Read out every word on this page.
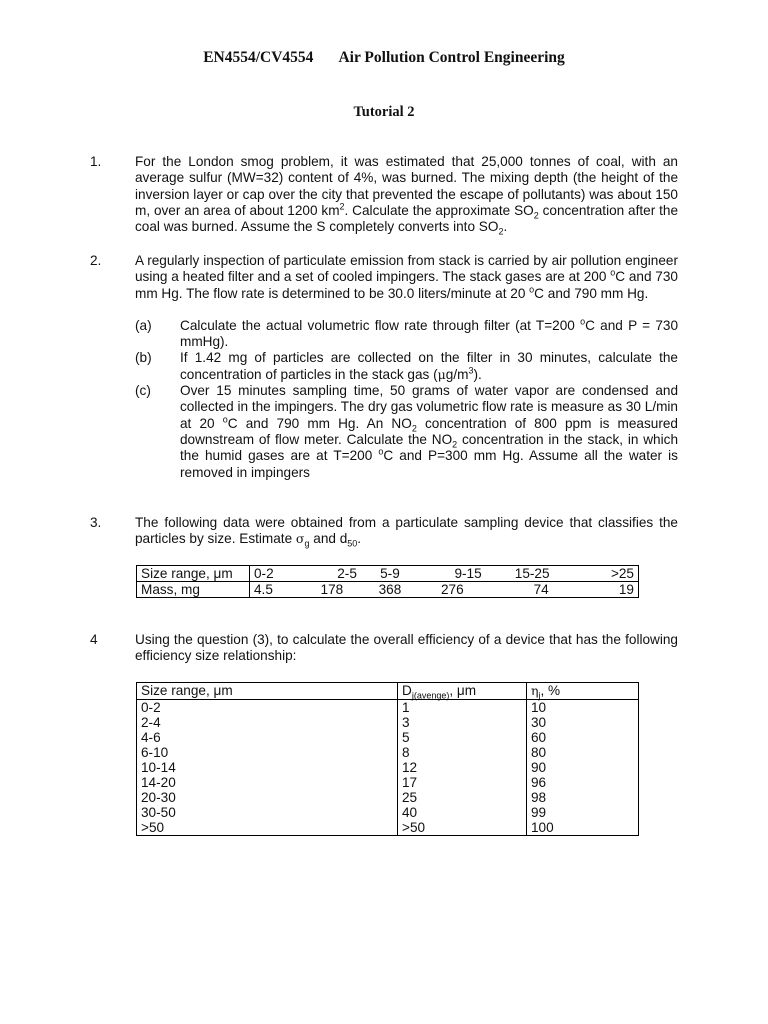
EN4554/CV4554 Air Pollution Control Engineering
Tutorial 2
1. For the London smog problem, it was estimated that 25,000 tonnes of coal, with an average sulfur (MW=32) content of 4%, was burned. The mixing depth (the height of the inversion layer or cap over the city that prevented the escape of pollutants) was about 150 m, over an area of about 1200 $km^2$. Calculate the approximate $SO_2$ concentration after the coal was burned. Assume the S completely converts into $SO_2$.
2. A regularly inspection of particulate emission from stack is carried by air pollution engineer using a heated filter and a set of cooled impingers. The stack gases are at 200 $^o$C and 730 mm Hg. The flow rate is determined to be 30.0 liters/minute at 20 $^o$C and 790 mm Hg.
(a) Calculate the actual volumetric flow rate through filter (at T=200 $^o$C and P = 730 mmHg).
(b) If 1.42 mg of particles are collected on the filter in 30 minutes, calculate the concentration of particles in the stack gas $(\mu g/m^3)$.
(c) Over 15 minutes sampling time, 50 grams of water vapor are condensed and collected in the impingers. The dry gas volumetric flow rate is measure as 30 L/min at 20 $^o$C and 790 mm Hg. An $NO_2$ concentration of 800 ppm is measured downstream of flow meter. Calculate the $NO_2$ concentration in the stack, in which the humid gases are at T=200 $^o$C and P=300 mm Hg. Assume all the water is removed in impingers
3. The following data were obtained from a particulate sampling device that classifies the particles by size. Estimate $\sigma_g$ and $d_{50}$.
Size range, μm	0-2	2-5	5-9	9-15	15-25	>25
Mass, mg	4.5	178	368	276	74	19
4	Using the question (3), to calculate the overall efficiency of a device that has the following efficiency size relationship:
Size range, μm	$D_{j(avenge)}$, μm	$\eta_j$, %
0-2	1	10
2-4	3	30
4-6	5	60
6-10	8	80
10-14	12	90
14-20	17	96
20-30	25	98
30-50	40	99
>50	>50	100
